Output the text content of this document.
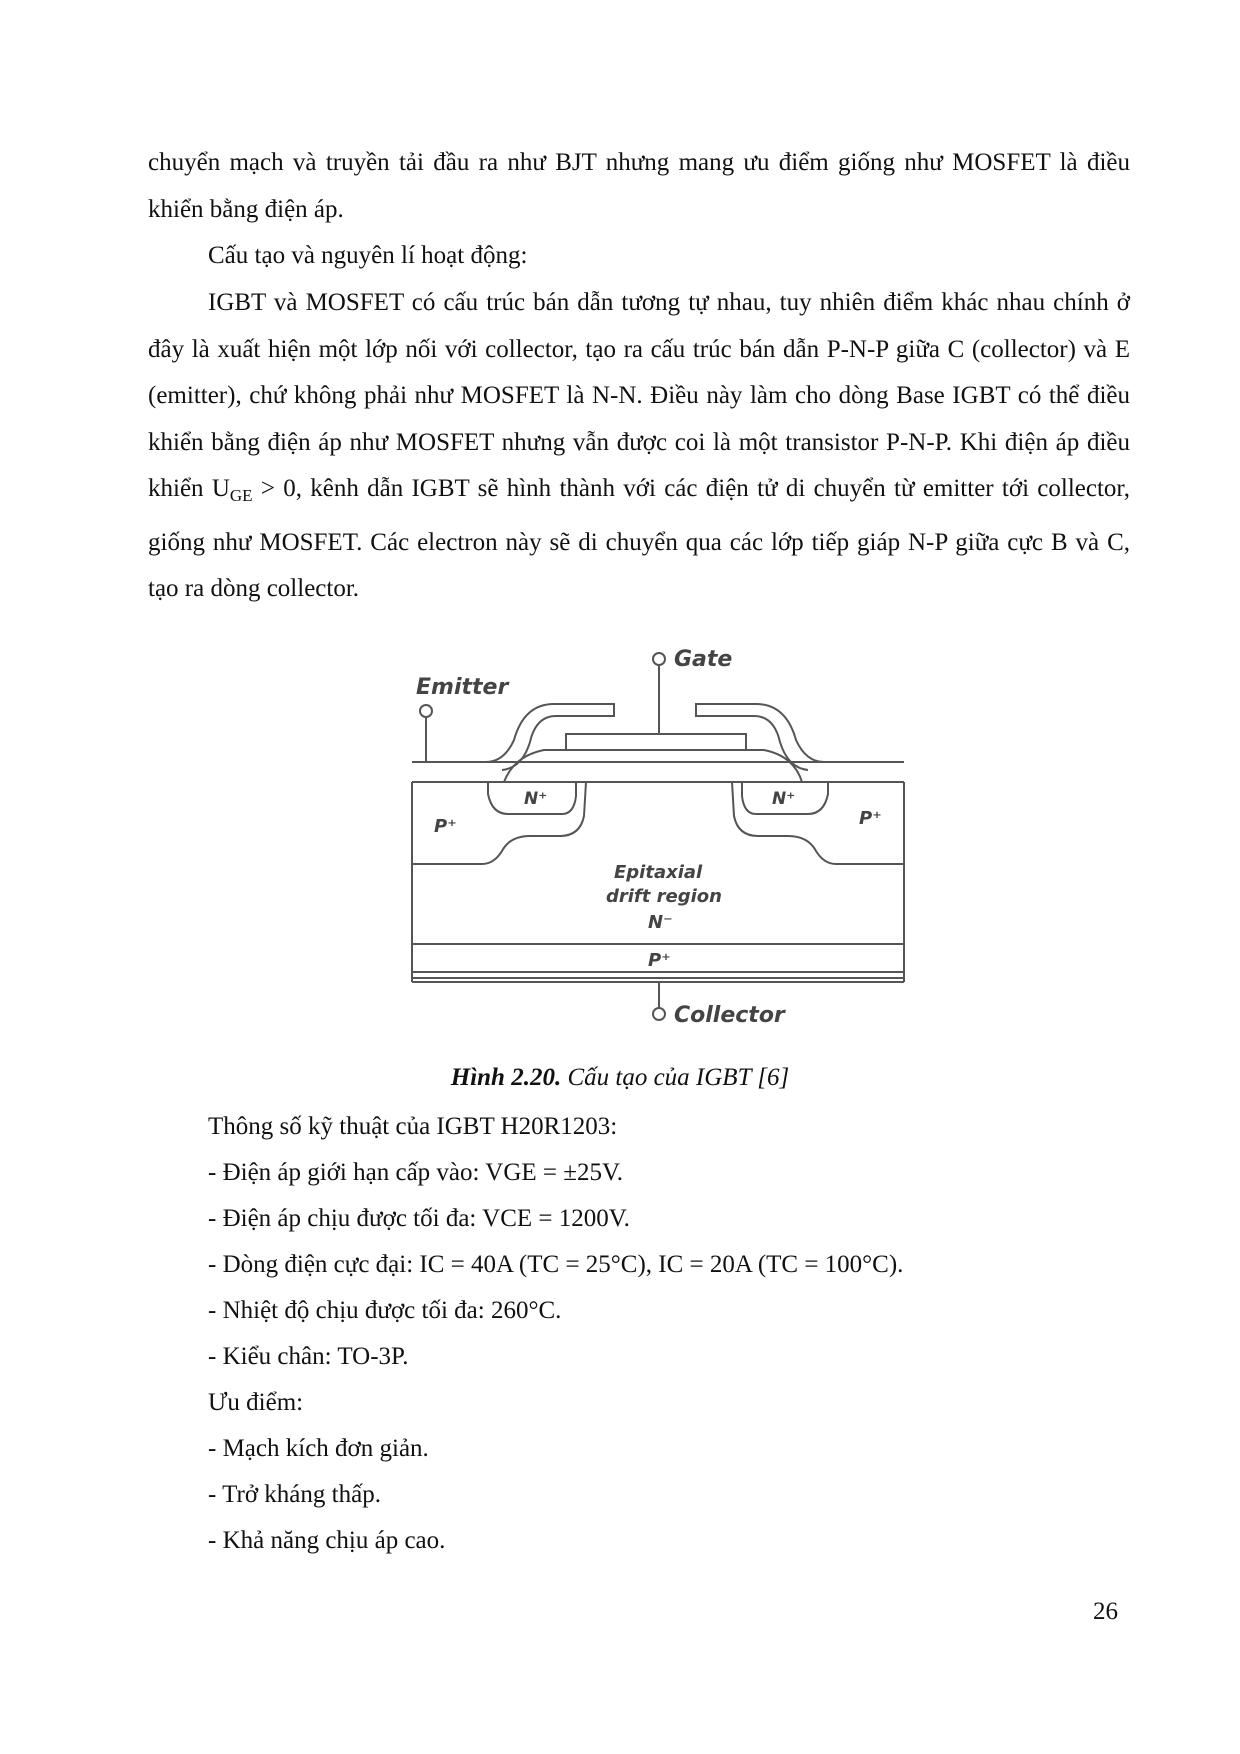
chuyển mạch và truyền tải đầu ra như BJT nhưng mang ưu điểm giống như MOSFET là điều khiển bằng điện áp.

Cấu tạo và nguyên lí hoạt động:

IGBT và MOSFET có cấu trúc bán dẫn tương tự nhau, tuy nhiên điểm khác nhau chính ở đây là xuất hiện một lớp nối với collector, tạo ra cấu trúc bán dẫn P-N-P giữa C (collector) và E (emitter), chứ không phải như MOSFET là N-N. Điều này làm cho dòng Base IGBT có thể điều khiển bằng điện áp như MOSFET nhưng vẫn được coi là một transistor P-N-P. Khi điện áp điều khiển $U_{GE} > 0$, kênh dẫn IGBT sẽ hình thành với các điện tử di chuyển từ emitter tới collector, giống như MOSFET. Các electron này sẽ di chuyển qua các lớp tiếp giáp N-P giữa cực B và C, tạo ra dòng collector.

Gate
Emitter
Collector
N⁺	N⁺
P⁺	P⁺
Epitaxial
drift region
N⁻
P⁺
Hình 2.20. Cấu tạo của IGBT [6]

Thông số kỹ thuật của IGBT H20R1203:

- Điện áp giới hạn cấp vào: VGE = ±25V.

- Điện áp chịu được tối đa: VCE = 1200V.

- Dòng điện cực đại: IC = 40A (TC = 25°C), IC = 20A (TC = 100°C).

- Nhiệt độ chịu được tối đa: 260°C.

- Kiểu chân: TO-3P.

Ưu điểm:

- Mạch kích đơn giản.

- Trở kháng thấp.

- Khả năng chịu áp cao.

26
